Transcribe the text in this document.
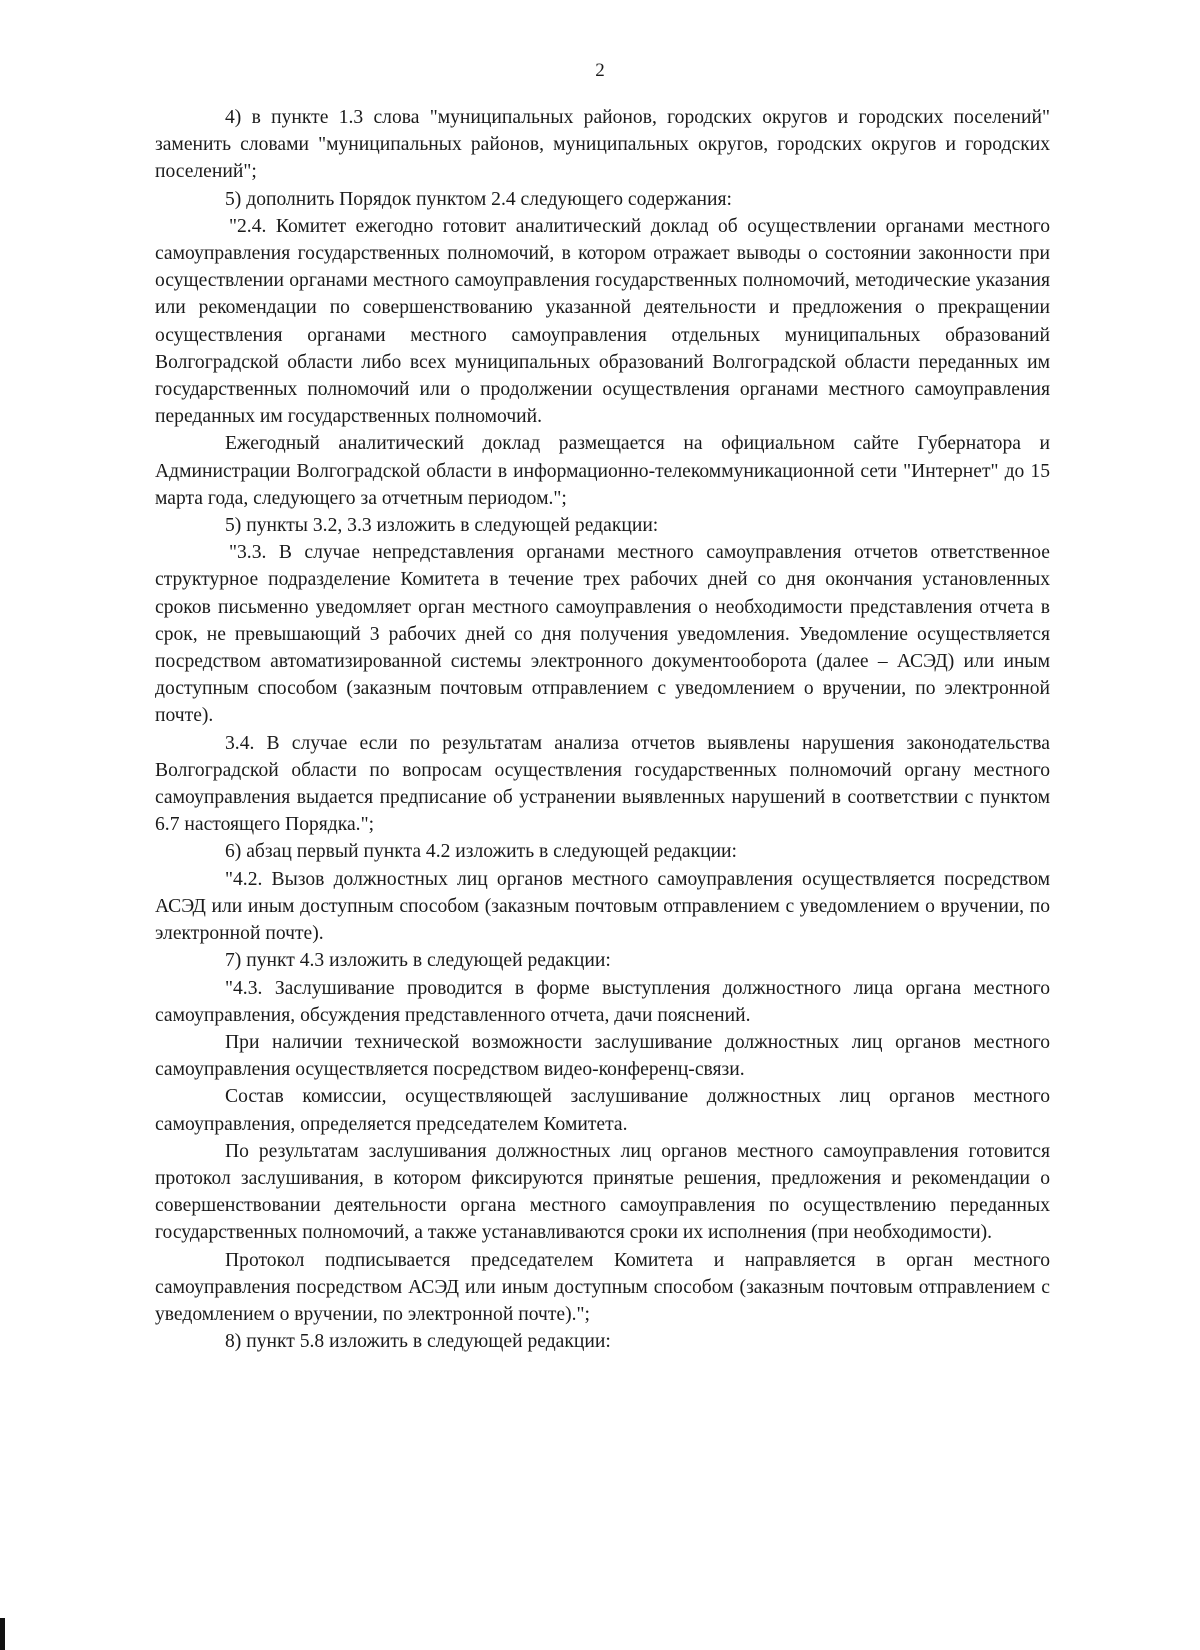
2

4) в пункте 1.3 слова "муниципальных районов, городских округов и городских поселений" заменить словами "муниципальных районов, муниципальных округов, городских округов и городских поселений";

5) дополнить Порядок пунктом 2.4 следующего содержания:

"2.4. Комитет ежегодно готовит аналитический доклад об осуществлении органами местного самоуправления государственных полномочий, в котором отражает выводы о состоянии законности при осуществлении органами местного самоуправления государственных полномочий, методические указания или рекомендации по совершенствованию указанной деятельности и предложения о прекращении осуществления органами местного самоуправления отдельных муниципальных образований Волгоградской области либо всех муниципальных образований Волгоградской области переданных им государственных полномочий или о продолжении осуществления органами местного самоуправления переданных им государственных полномочий.

Ежегодный аналитический доклад размещается на официальном сайте Губернатора и Администрации Волгоградской области в информационно-телекоммуникационной сети "Интернет" до 15 марта года, следующего за отчетным периодом.";

5) пункты 3.2, 3.3 изложить в следующей редакции:

"3.3. В случае непредставления органами местного самоуправления отчетов ответственное структурное подразделение Комитета в течение трех рабочих дней со дня окончания установленных сроков письменно уведомляет орган местного самоуправления о необходимости представления отчета в срок, не превышающий 3 рабочих дней со дня получения уведомления. Уведомление осуществляется посредством автоматизированной системы электронного документооборота (далее – АСЭД) или иным доступным способом (заказным почтовым отправлением с уведомлением о вручении, по электронной почте).

3.4. В случае если по результатам анализа отчетов выявлены нарушения законодательства Волгоградской области по вопросам осуществления государственных полномочий органу местного самоуправления выдается предписание об устранении выявленных нарушений в соответствии с пунктом 6.7 настоящего Порядка.";

6) абзац первый пункта 4.2 изложить в следующей редакции:

"4.2. Вызов должностных лиц органов местного самоуправления осуществляется посредством АСЭД или иным доступным способом (заказным почтовым отправлением с уведомлением о вручении, по электронной почте).

7) пункт 4.3 изложить в следующей редакции:

"4.3. Заслушивание проводится в форме выступления должностного лица органа местного самоуправления, обсуждения представленного отчета, дачи пояснений.

При наличии технической возможности заслушивание должностных лиц органов местного самоуправления осуществляется посредством видео-конференц-связи.

Состав комиссии, осуществляющей заслушивание должностных лиц органов местного самоуправления, определяется председателем Комитета.

По результатам заслушивания должностных лиц органов местного самоуправления готовится протокол заслушивания, в котором фиксируются принятые решения, предложения и рекомендации о совершенствовании деятельности органа местного самоуправления по осуществлению переданных государственных полномочий, а также устанавливаются сроки их исполнения (при необходимости).

Протокол подписывается председателем Комитета и направляется в орган местного самоуправления посредством АСЭД или иным доступным способом (заказным почтовым отправлением с уведомлением о вручении, по электронной почте).";

8) пункт 5.8 изложить в следующей редакции:
